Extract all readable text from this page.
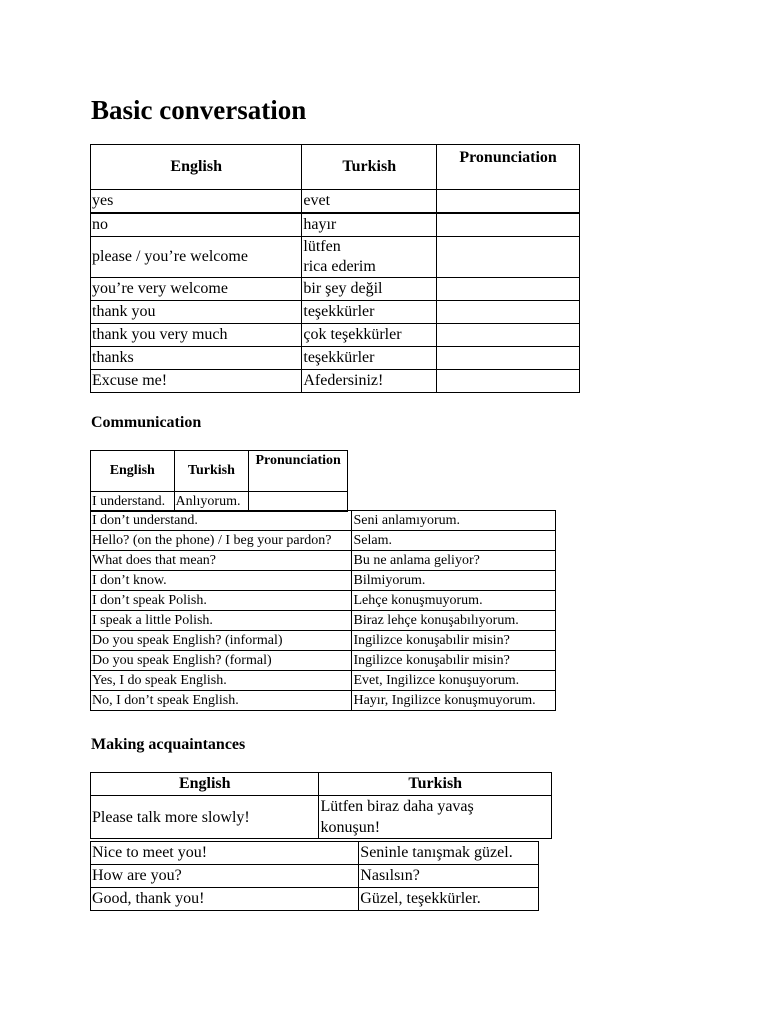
Basic conversation
English	Turkish	Pronunciation
yes	evet	
no	hayır	
please / you’re welcome	lütfen
rica ederim	

you’re very welcome	bir şey değil	
thank you	teşekkürler	
thank you very much	çok teşekkürler	
thanks	teşekkürler	
Excuse me!	Afedersiniz!	
Communication
English	Turkish	Pronunciation
I understand.	Anlıyorum.	
I don’t understand.	Seni anlamıyorum.
Hello? (on the phone) / I beg your pardon?	Selam.
What does that mean?	Bu ne anlama geliyor?
I don’t know.	Bilmiyorum.
I don’t speak Polish.	Lehçe konuşmuyorum.
I speak a little Polish.	Biraz lehçe konuşabılıyorum.
Do you speak English? (informal)	Ingilizce konuşabılir misin?
Do you speak English? (formal)	Ingilizce konuşabılir misin?
Yes, I do speak English.	Evet, Ingilizce konuşuyorum.
No, I don’t speak English.	Hayır, Ingilizce konuşmuyorum.
Making acquaintances
English	Turkish
Please talk more slowly!	Lütfen biraz daha yavaş
konuşun!
Nice to meet you!	Seninle tanışmak güzel.
How are you?	Nasılsın?
Good, thank you!	Güzel, teşekkürler.
